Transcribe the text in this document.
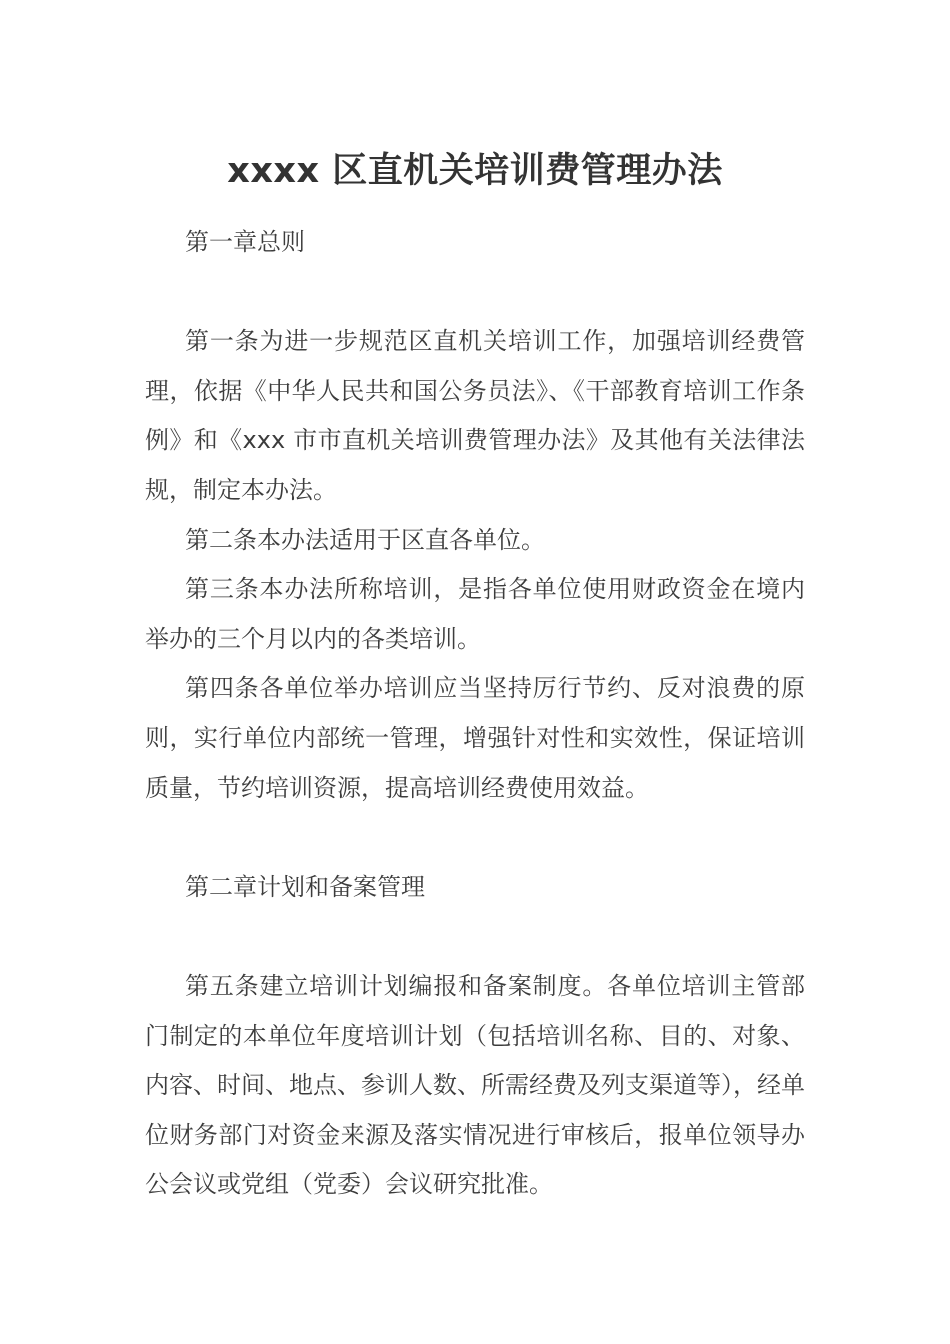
xxxx 区直机关培训费管理办法

第一章总则

第一条为进一步规范区直机关培训工作，加强培训经费管理，依据《中华人民共和国公务员法》、《干部教育培训工作条例》和《xxx 市市直机关培训费管理办法》及其他有关法律法规，制定本办法。

第二条本办法适用于区直各单位。

第三条本办法所称培训，是指各单位使用财政资金在境内举办的三个月以内的各类培训。

第四条各单位举办培训应当坚持厉行节约、反对浪费的原则，实行单位内部统一管理，增强针对性和实效性，保证培训质量，节约培训资源，提高培训经费使用效益。

第二章计划和备案管理

第五条建立培训计划编报和备案制度。各单位培训主管部门制定的本单位年度培训计划（包括培训名称、目的、对象、内容、时间、地点、参训人数、所需经费及列支渠道等），经单位财务部门对资金来源及落实情况进行审核后，报单位领导办公会议或党组（党委）会议研究批准。
